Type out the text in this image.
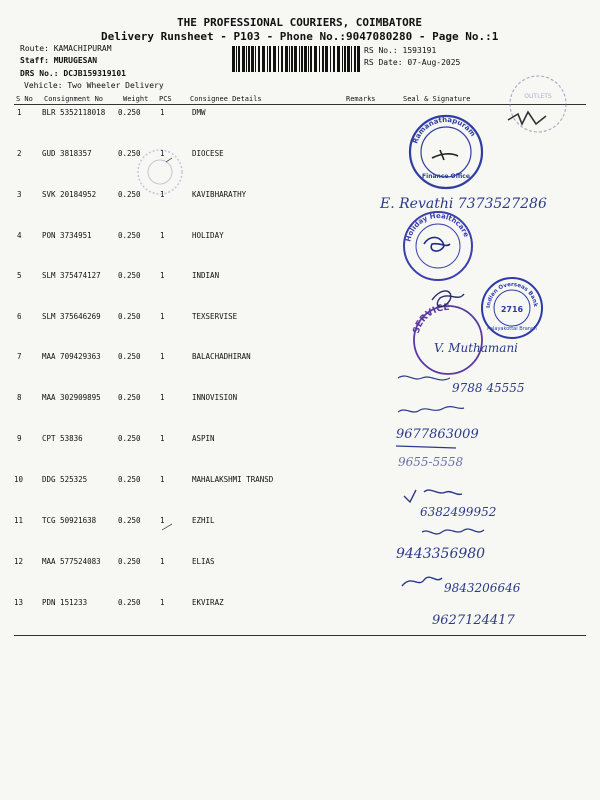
THE PROFESSIONAL COURIERS, COIMBATORE
Delivery Runsheet - P103 - Phone No.:9047080280 - Page No.:1
Route: KAMACHIPURAM
Staff: MURUGESAN
DRS No.: DCJB159319101
Vehicle: Two Wheeler Delivery
RS No.: 1593191
RS Date: 07-Aug-2025
S No Consignment No	Weight PCS	Consignee Details	Remarks	Seal & Signature
1	BLR 5352118018 0.250	1	DMW
2	GUD 3818357	0.250	1	DIOCESE
3	SVK 20184952	0.250	1	KAVIBHARATHY
4	PON 3734951	0.250	1	HOLIDAY
5	SLM 375474127 0.250	1	INDIAN
6	SLM 375646269 0.250	1	TEXSERVISE
7	MAA 709429363 0.250	1	BALACHADHIRAN
8	MAA 302909895 0.250	1	INNOVISION
9	CPT 53836	0.250	1	ASPIN
10	DDG 525325	0.250	1	MAHALAKSHMI TRANSD
11	TCG 50921638	0.250	1	EZHIL
12	MAA 577524083 0.250	1	ELIAS
13	PDN 151233	0.250	1	EKVIRAZ
OUTLETS
Ramanathapuram
Finance Office
Holiday Healthcare
SERVICE	Indian Overseas Bank
2716
Palayakottai Branch
E. Revathi 7373527286
V. Muthamani
9788 45555
9677863009
9655-5558
6382499952
9443356980
9843206646
9627124417
